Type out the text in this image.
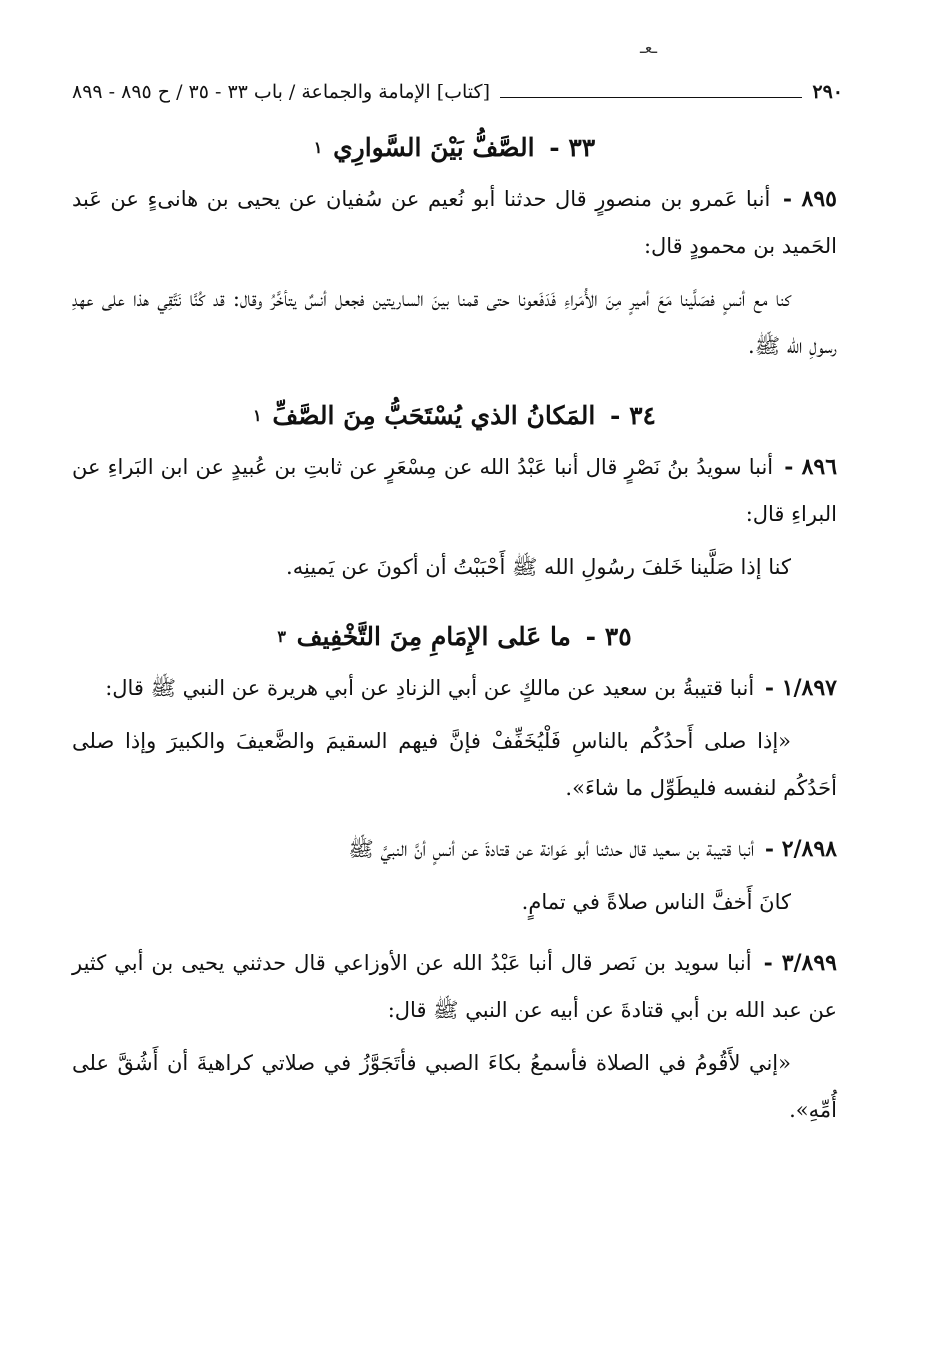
ـعـ
٢٩٠
[كتاب] الإمامة والجماعة / باب ٣٣ - ٣٥ / ح ٨٩٥ - ٨٩٩
٣٣ - الصَّفُّ بَيْنَ السَّوارِي $^١$

٨٩٥ - أنبا عَمرو بن منصورٍ قال حدثنا أبو نُعيم عن سُفيان عن يحيى بن هانىءٍ عن عَبد الحَميد بن محمودٍ قال:

كنا مع أنسٍ فصَلَّينا مَعَ أميرٍ مِنَ الأُمَراءِ فَدَفَعونا حتى قمنا بينَ الساريتين فجعل أنسٌ يتأخَّرُ وقال: قد كُنَّا نَتَّقِي هذا على عهدِ رسولِ الله ﷺ.

٣٤ - المَكانُ الذي يُسْتَحَبُّ مِنَ الصَّفِّ $^١$

٨٩٦ - أنبا سويدُ بنُ نَصْرٍ قال أنبا عَبْدُ الله عن مِسْعَرٍ عن ثابتِ بن عُبيدٍ عن ابن البَراءِ عن البراءِ قال:

كنا إذا صَلَّينا خَلفَ رسُولِ الله ﷺ أَحْبَبْتُ أن أكونَ عن يَمينِه.

٣٥ - ما عَلى الإِمَامِ مِنَ التَّخْفِيف $^٣$

١/٨٩٧ - أنبا قتيبةُ بن سعيد عن مالكٍ عن أبي الزنادِ عن أبي هريرة عن النبي ﷺ قال:

«إذا صلى أَحدُكُم بالناسِ فَلْيُخَفِّفْ فإنَّ فيهم السقيمَ والضَّعيفَ والكبيرَ وإذا صلى أحَدُكُم لنفسه فليطَوِّل ما شاءَ».

٢/٨٩٨ - أنبا قتيبة بن سعيد قال حدثنا أبو عَوانة عن قتادةَ عن أنسٍ أنَّ النبيَّ ﷺ

كانَ أَخفَّ الناس صلاةً في تمامٍ.

٣/٨٩٩ - أنبا سويد بن نَصر قال أنبا عَبْدُ الله عن الأوزاعي قال حدثني يحيى بن أبي كثير عن عبد الله بن أبي قتادةَ عن أبيه عن النبي ﷺ قال:

«إني لأَقُومُ في الصلاة فأسمعُ بكاءَ الصبي فأتَجَوَّزُ في صلاتي كراهيةَ أن أَشُقَّ على أُمِّهِ».
